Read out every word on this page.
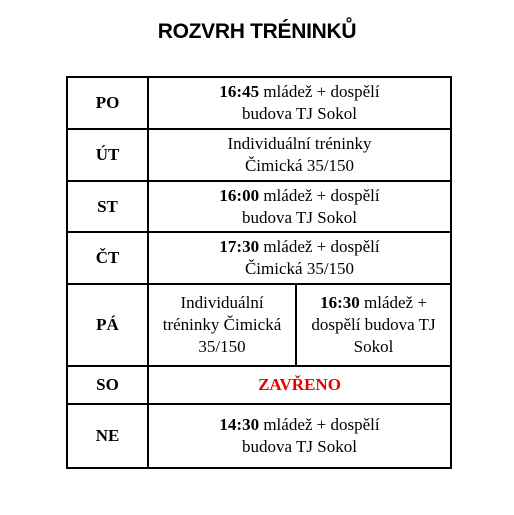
ROZVRH TRÉNINKŮ
PO	16:45 mládež + dospělí
budova TJ Sokol	

ÚT	Individuální tréninky
Čimická 35/150	

ST	16:00 mládež + dospělí
budova TJ Sokol	

ČT	17:30 mládež + dospělí
Čimická 35/150	

PÁ	Individuální
tréninky Čimická
35/150	16:30 mládež +
dospělí budova TJ
Sokol

SO	ZAVŘENO	
NE	14:30 mládež + dospělí
budova TJ Sokol	
